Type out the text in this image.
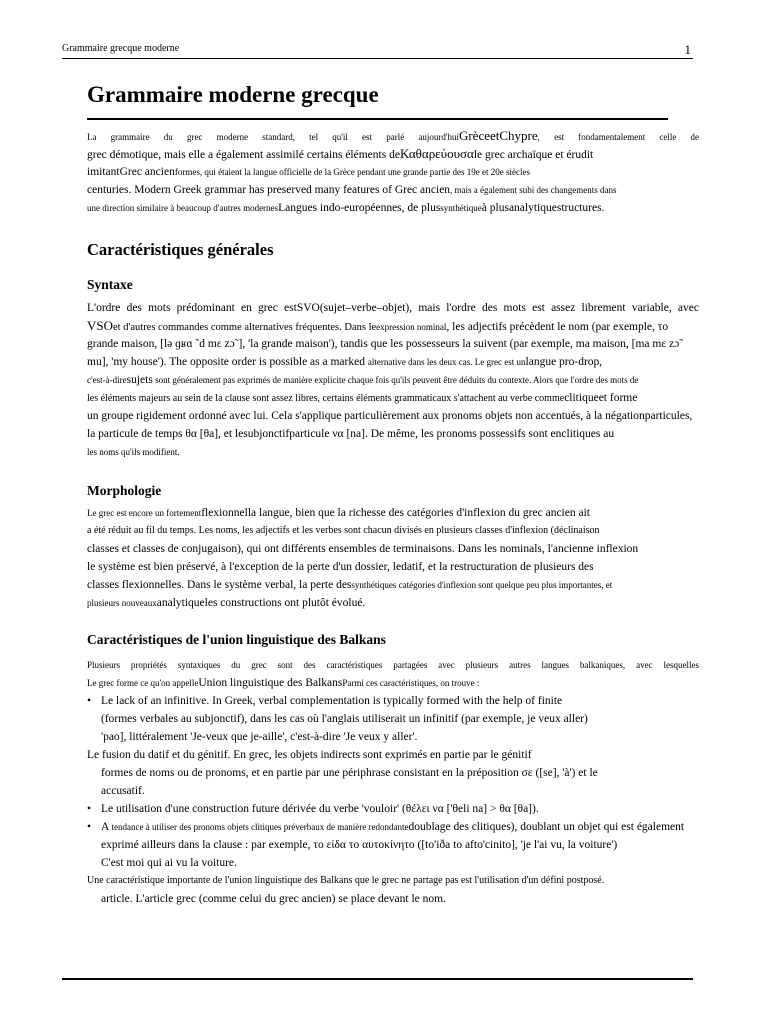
Grammaire grecque moderne	1
Grammaire moderne grecque
La grammaire du grec moderne standard, tel qu'il est parlé aujourd'huiGrèceetChypre, est fondamentalement celle de
grec démotique, mais elle a également assimilé certains éléments deΚαθαρεύουσαle grec archaïque et érudit
imitantGrec ancienformes, qui étaient la langue officielle de la Grèce pendant une grande partie des 19e et 20e siècles
centuries. Modern Greek grammar has preserved many features of Grec ancien, mais a également subi des changements dans
une direction similaire à beaucoup d'autres modernesLangues indo-européennes, de plussynthétiqueà plusanalytiquestructures.
Caractéristiques générales
Syntaxe
L'ordre des mots prédominant en grec estSVO(sujet–verbe–objet), mais l'ordre des mots est assez librement variable, avec
VSOet d'autres commandes comme alternatives fréquentes. Dans leexpression nominal, les adjectifs précèdent le nom (par exemple, το
grande maison, [lə ɡʁɑ ˜d mɛ zɔ˜], 'la grande maison'), tandis que les possesseurs la suivent (par exemple, ma maison, [ma mɛ zɔ˜
mu], 'my house'). The opposite order is possible as a marked alternative dans les deux cas. Le grec est unlangue pro-drop,
c'est-à-diresujets sont généralement pas exprimés de manière explicite chaque fois qu'ils peuvent être déduits du contexte. Alors que l'ordre des mots de
les éléments majeurs au sein de la clause sont assez libres, certains éléments grammaticaux s'attachent au verbe commeclitiqueet forme
un groupe rigidement ordonné avec lui. Cela s'applique particulièrement aux pronoms objets non accentués, à la négationparticules,
la particule de temps θα [θa], et lesubjonctifparticule να [na]. De même, les pronoms possessifs sont enclitiques au
les noms qu'ils modifient.
Morphologie
Le grec est encore un fortementflexionnella langue, bien que la richesse des catégories d'inflexion du grec ancien ait
a été réduit au fil du temps. Les noms, les adjectifs et les verbes sont chacun divisés en plusieurs classes d'inflexion (déclinaison
classes et classes de conjugaison), qui ont différents ensembles de terminaisons. Dans les nominals, l'ancienne inflexion
le système est bien préservé, à l'exception de la perte d'un dossier, ledatif, et la restructuration de plusieurs des
classes flexionnelles. Dans le système verbal, la perte dessynthétiques catégories d'inflexion sont quelque peu plus importantes, et
plusieurs nouveauxanalytiqueles constructions ont plutôt évolué.
Caractéristiques de l'union linguistique des Balkans
Plusieurs propriétés syntaxiques du grec sont des caractéristiques partagées avec plusieurs autres langues balkaniques, avec lesquelles
Le grec forme ce qu'on appelleUnion linguistique des BalkansParmi ces caractéristiques, on trouve :
• Le lack of an infinitive. In Greek, verbal complementation is typically formed with the help of finite
(formes verbales au subjonctif), dans les cas où l'anglais utiliserait un infinitif (par exemple, je veux aller)
'pao], littéralement 'Je-veux que je-aille', c'est-à-dire 'Je veux y aller'.
Le fusion du datif et du génitif. En grec, les objets indirects sont exprimés en partie par le génitif
formes de noms ou de pronoms, et en partie par une périphrase consistant en la préposition σε ([se], 'à') et le
accusatif.
• Le utilisation d'une construction future dérivée du verbe 'vouloir' (θέλει να ['θeli na] > θα [θa]).
• A tendance à utiliser des pronoms objets clitiques préverbaux de manière redondantedoublage des clitiques), doublant un objet qui est également
exprimé ailleurs dans la clause : par exemple, το είδα το αυτοκίνητο ([to'iða to afto'cinito], 'je l'ai vu, la voiture')
C'est moi qui ai vu la voiture.
Une caractéristique importante de l'union linguistique des Balkans que le grec ne partage pas est l'utilisation d'un défini postposé.
article. L'article grec (comme celui du grec ancien) se place devant le nom.
